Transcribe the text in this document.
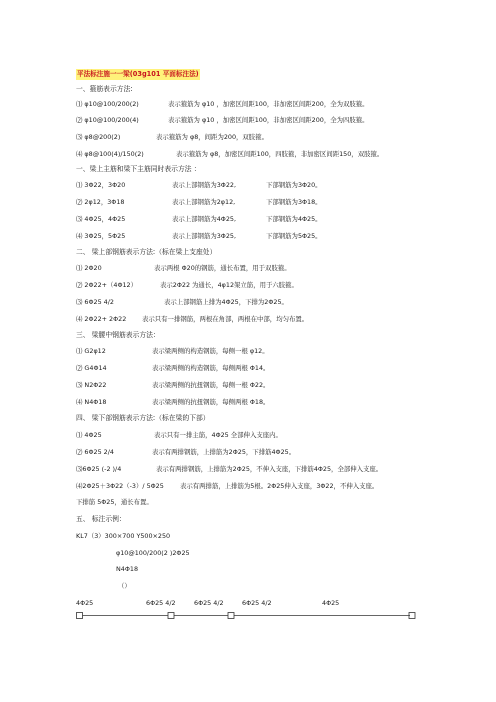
平法标注施一一梁(03g101 平面标注法)
一、箍筋表示方法:
⑴ φ10@100/200(2)	表示箍筋为 φ10 ，加密区间距100，非加密区间距200，全为双肢箍。
⑵ φ10@100/200(4)	表示箍筋为 φ10 ，加密区间距100，非加密区间距200，全为四肢箍。
⑶ φ8@200(2)	表示箍筋为 φ8，间距为200，双肢箍。
⑷ φ8@100(4)/150(2)	表示箍筋为 φ8，加密区间距100，四肢箍，非加密区间距150，双肢箍。
一、梁上主筋和梁下主筋同时表示方法 ：
⑴ 3Φ22，3Φ20	表示上部钢筋为3Φ22,	下部钢筋为3Φ20。
⑵ 2φ12，3Φ18	表示上部钢筋为2φ12,	下部钢筋为3Φ18。
⑶ 4Φ25，4Φ25	表示上部钢筋为4Φ25,	下部钢筋为4Φ25。
⑷ 3Φ25，5Φ25	表示上部钢筋为3Φ25,	下部钢筋为5Φ25。
二、 梁上部钢筋表示方法:（标在梁上支座处）
⑴ 2Φ20	表示两根 Φ20的钢筋，通长布置，用于双肢箍。
⑵ 2Φ22+（4Φ12）	表示2Φ22 为通长，4φ12架立筋，用于六肢箍。
⑶ 6Φ25 4/2	表示上部钢筋上排为4Φ25，下排为2Φ25。
⑷ 2Φ22+ 2Φ22 表示只有一排钢筋，两根在角部，两根在中部，均匀布置。
三、 梁腰中钢筋表示方法：
⑴ G2φ12	表示梁两侧的构造钢筋，每侧一根 φ12。
⑵ G4Φ14	表示梁两侧的构造钢筋，每侧两根 Φ14。
⑶ N2Φ22	表示梁两侧的抗扭钢筋，每侧一根 Φ22。
⑷ N4Φ18	表示梁两侧的抗扭钢筋，每侧两根 Φ18。
四、 梁下部钢筋表示方法:（标在梁的下部）
⑴ 4Φ25	表示只有一排主筋，4Φ25 全部伸入支座内。
⑵ 6Φ25 2/4	表示有两排钢筋，上排筋为2Φ25，下排筋4Φ25。
⑶6Φ25 (-2 )/4	表示有两排钢筋，上排筋为2Φ25，不伸入支座，下排筋4Φ25，全部伸入支座。
⑷2Φ25＋3Φ22（-3）/ 5Φ25	表示有两排筋，上排筋为5根。2Φ25伸入支座，3Φ22，不伸入支座。
下排筋 5Φ25，通长布置。
五、 标注示例：
KL7（3）300×700 Y500×250
φ10@100/200(2 )2Φ25
N4Φ18
（）
4Φ25	6Φ25 4/2	6Φ25 4/2	6Φ25 4/2	4Φ25
